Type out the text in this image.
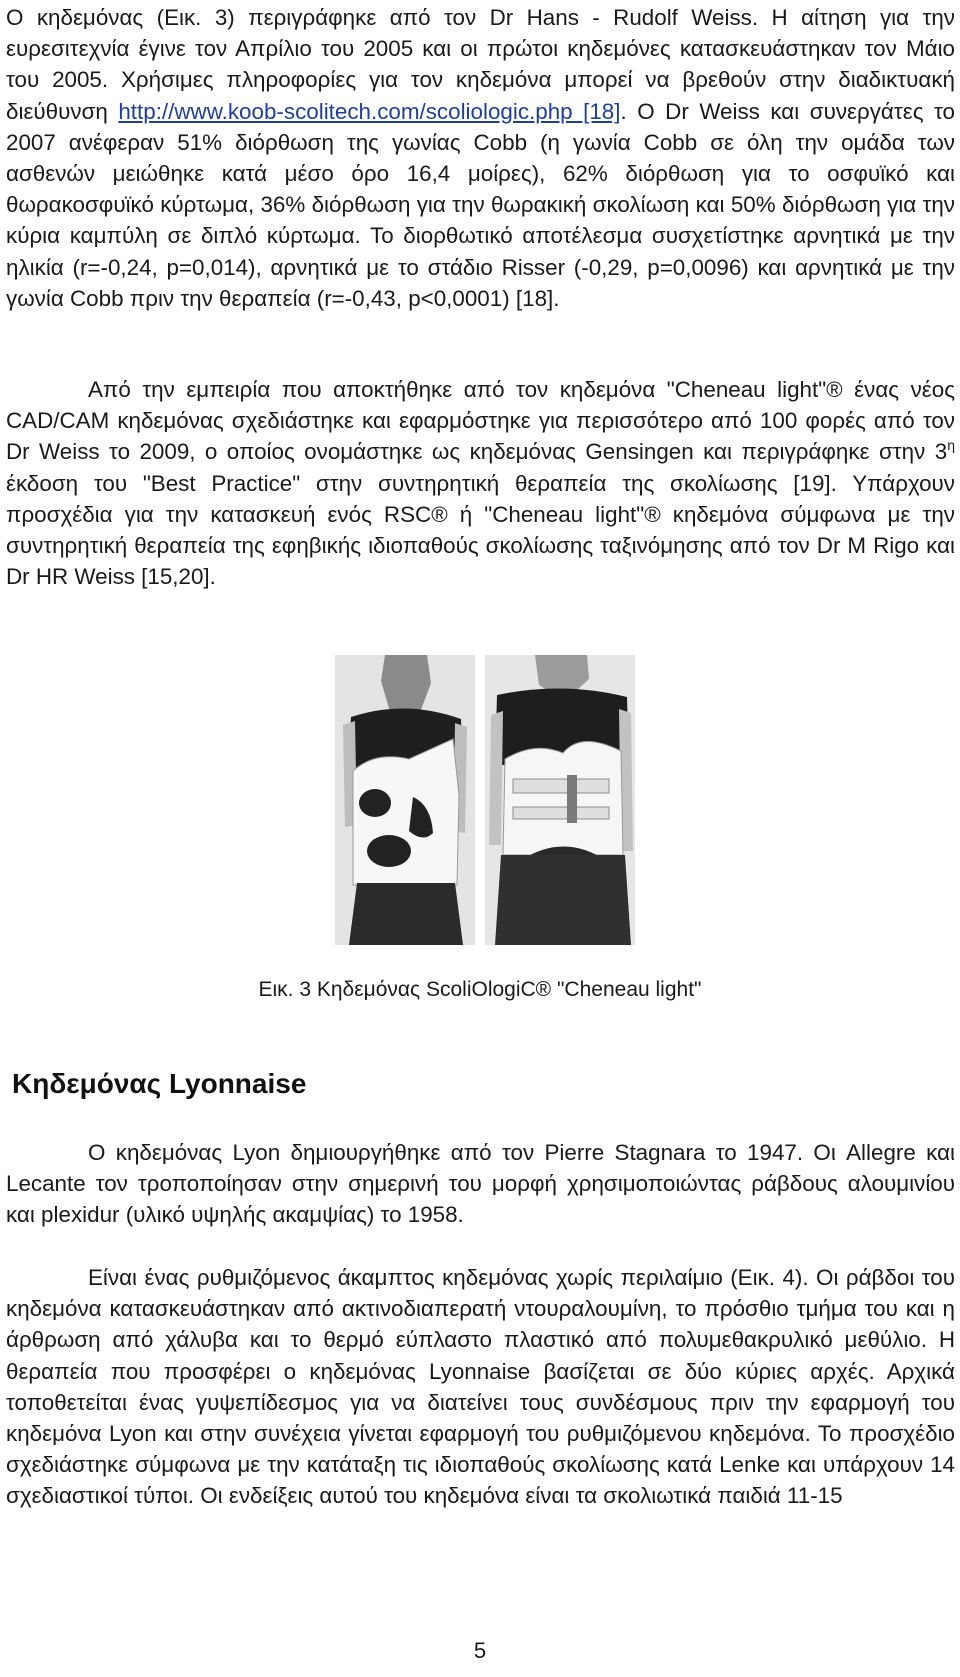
Ο κηδεμόνας (Εικ. 3) περιγράφηκε από τον Dr Hans - Rudolf Weiss. Η αίτηση για την ευρεσιτεχνία έγινε τον Απρίλιο του 2005 και οι πρώτοι κηδεμόνες κατασκευάστηκαν τον Μάιο του 2005. Χρήσιμες πληροφορίες για τον κηδεμόνα μπορεί να βρεθούν στην διαδικτυακή διεύθυνση http://www.koob-scolitech.com/scoliologic.php [18]. Ο Dr Weiss και συνεργάτες το 2007 ανέφεραν 51% διόρθωση της γωνίας Cobb (η γωνία Cobb σε όλη την ομάδα των ασθενών μειώθηκε κατά μέσο όρο 16,4 μοίρες), 62% διόρθωση για το οσφυϊκό και θωρακοσφυϊκό κύρτωμα, 36% διόρθωση για την θωρακική σκολίωση και 50% διόρθωση για την κύρια καμπύλη σε διπλό κύρτωμα. Το διορθωτικό αποτέλεσμα συσχετίστηκε αρνητικά με την ηλικία (r=-0,24, p=0,014), αρνητικά με το στάδιο Risser (-0,29, p=0,0096) και αρνητικά με την γωνία Cobb πριν την θεραπεία (r=-0,43, p<0,0001) [18].

Από την εμπειρία που αποκτήθηκε από τον κηδεμόνα "Cheneau light"® ένας νέος CAD/CAM κηδεμόνας σχεδιάστηκε και εφαρμόστηκε για περισσότερο από 100 φορές από τον Dr Weiss το 2009, ο οποίος ονομάστηκε ως κηδεμόνας Gensingen και περιγράφηκε στην $3^\eta$ έκδοση του "Best Practice" στην συντηρητική θεραπεία της σκολίωσης [19]. Υπάρχουν προσχέδια για την κατασκευή ενός RSC® ή "Cheneau light"® κηδεμόνα σύμφωνα με την συντηρητική θεραπεία της εφηβικής ιδιοπαθούς σκολίωσης ταξινόμησης από τον Dr M Rigo και Dr HR Weiss [15,20].

Εικ. 3 Κηδεμόνας ScoliOlogiC® "Cheneau light"
Κηδεμόνας Lyonnaise

Ο κηδεμόνας Lyon δημιουργήθηκε από τον Pierre Stagnara το 1947. Οι Allegre και Lecante τον τροποποίησαν στην σημερινή του μορφή χρησιμοποιώντας ράβδους αλουμινίου και plexidur (υλικό υψηλής ακαμψίας) το 1958.

Είναι ένας ρυθμιζόμενος άκαμπτος κηδεμόνας χωρίς περιλαίμιο (Εικ. 4). Οι ράβδοι του κηδεμόνα κατασκευάστηκαν από ακτινοδιαπερατή ντουραλουμίνη, το πρόσθιο τμήμα του και η άρθρωση από χάλυβα και το θερμό εύπλαστο πλαστικό από πολυμεθακρυλικό μεθύλιο. Η θεραπεία που προσφέρει ο κηδεμόνας Lyonnaise βασίζεται σε δύο κύριες αρχές. Αρχικά τοποθετείται ένας γυψεπίδεσμος για να διατείνει τους συνδέσμους πριν την εφαρμογή του κηδεμόνα Lyon και στην συνέχεια γίνεται εφαρμογή του ρυθμιζόμενου κηδεμόνα. Το προσχέδιο σχεδιάστηκε σύμφωνα με την κατάταξη τις ιδιοπαθούς σκολίωσης κατά Lenke και υπάρχουν 14 σχεδιαστικοί τύποι. Οι ενδείξεις αυτού του κηδεμόνα είναι τα σκολιωτικά παιδιά 11-15

5
